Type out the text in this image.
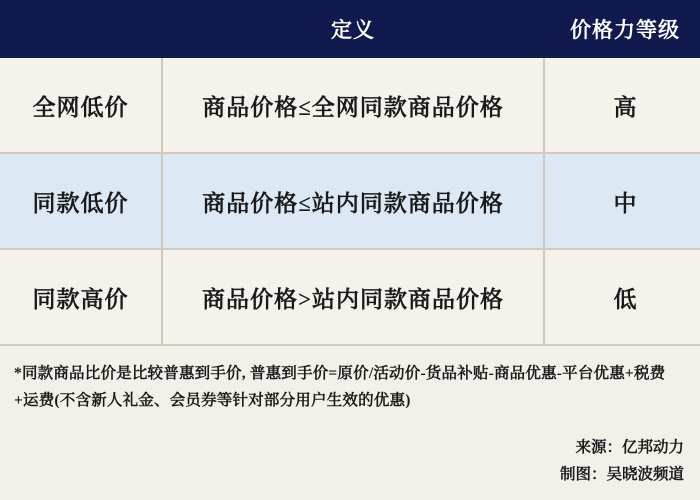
	定义	价格力等级
全网低价	商品价格≤全网同款商品价格	高
同款低价	商品价格≤站内同款商品价格	中
同款高价	商品价格>站内同款商品价格	低
*同款商品比价是比较普惠到手价, 普惠到手价=原价/活动价-货品补贴-商品优惠-平台优惠+税费+运费(不含新人礼金、会员券等针对部分用户生效的优惠)
来源：亿邦动力
制图：吴晓波频道
